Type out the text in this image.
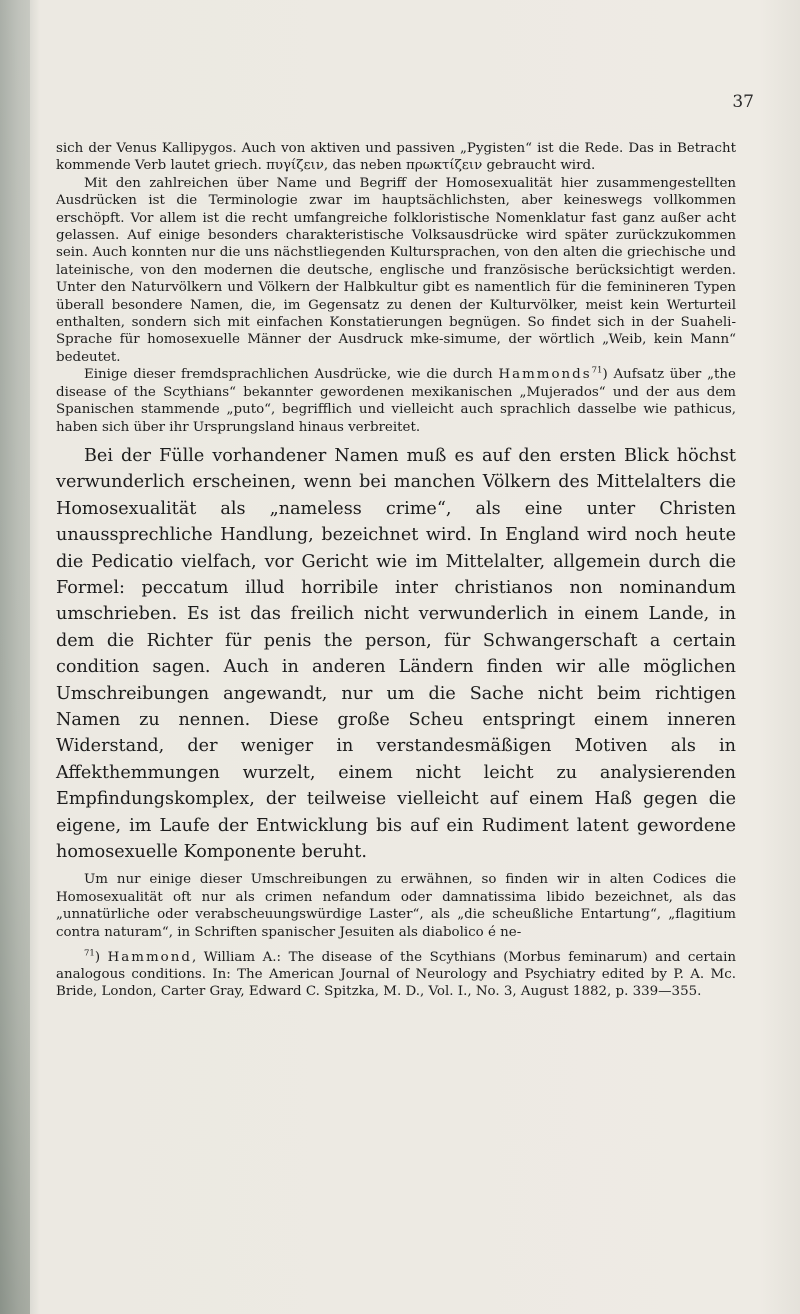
37

sich der Venus Kallipygos. Auch von aktiven und passiven „Pygisten“ ist die Rede. Das in Betracht kommende Verb lautet griech. πυγίζειν, das neben πρωκτίζειν gebraucht wird.

Mit den zahlreichen über Name und Begriff der Homosexualität hier zusammengestellten Ausdrücken ist die Terminologie zwar im hauptsächlichsten, aber keineswegs vollkommen erschöpft. Vor allem ist die recht umfangreiche folkloristische Nomenklatur fast ganz außer acht gelassen. Auf einige besonders charakteristische Volksausdrücke wird später zurückzukommen sein. Auch konnten nur die uns nächstliegenden Kultursprachen, von den alten die griechische und lateinische, von den modernen die deutsche, englische und französische berücksichtigt werden. Unter den Naturvölkern und Völkern der Halbkultur gibt es namentlich für die feminineren Typen überall besondere Namen, die, im Gegensatz zu denen der Kulturvölker, meist kein Werturteil enthalten, sondern sich mit einfachen Konstatierungen begnügen. So findet sich in der Suaheli-Sprache für homosexuelle Männer der Ausdruck mke-simume, der wörtlich „Weib, kein Mann“ bedeutet.

Einige dieser fremdsprachlichen Ausdrücke, wie die durch Hammonds$^{71}$) Aufsatz über „the disease of the Scythians“ bekannter gewordenen mexikanischen „Mujerados“ und der aus dem Spanischen stammende „puto“, begrifflich und vielleicht auch sprachlich dasselbe wie pathicus, haben sich über ihr Ursprungsland hinaus verbreitet.

Bei der Fülle vorhandener Namen muß es auf den ersten Blick höchst verwunderlich erscheinen, wenn bei manchen Völkern des Mittelalters die Homosexualität als „nameless crime“, als eine unter Christen unaussprechliche Handlung, bezeichnet wird. In England wird noch heute die Pedicatio vielfach, vor Gericht wie im Mittelalter, allgemein durch die Formel: peccatum illud horribile inter christianos non nominandum umschrieben. Es ist das freilich nicht verwunderlich in einem Lande, in dem die Richter für penis the person, für Schwangerschaft a certain condition sagen. Auch in anderen Ländern finden wir alle möglichen Umschreibungen angewandt, nur um die Sache nicht beim richtigen Namen zu nennen. Diese große Scheu entspringt einem inneren Widerstand, der weniger in verstandesmäßigen Motiven als in Affekthemmungen wurzelt, einem nicht leicht zu analysierenden Empfindungskomplex, der teilweise vielleicht auf einem Haß gegen die eigene, im Laufe der Entwicklung bis auf ein Rudiment latent gewordene homosexuelle Komponente beruht.

Um nur einige dieser Umschreibungen zu erwähnen, so finden wir in alten Codices die Homosexualität oft nur als crimen nefandum oder damnatissima libido bezeichnet, als das „unnatürliche oder verabscheuungswürdige Laster“, als „die scheußliche Entartung“, „flagitium contra naturam“, in Schriften spanischer Jesuiten als diabolico é ne-

$^{71}$) Hammond, William A.: The disease of the Scythians (Morbus feminarum) and certain analogous conditions. In: The American Journal of Neurology and Psychiatry edited by P. A. Mc. Bride, London, Carter Gray, Edward C. Spitzka, M. D., Vol. I., No. 3, August 1882, p. 339—355.
